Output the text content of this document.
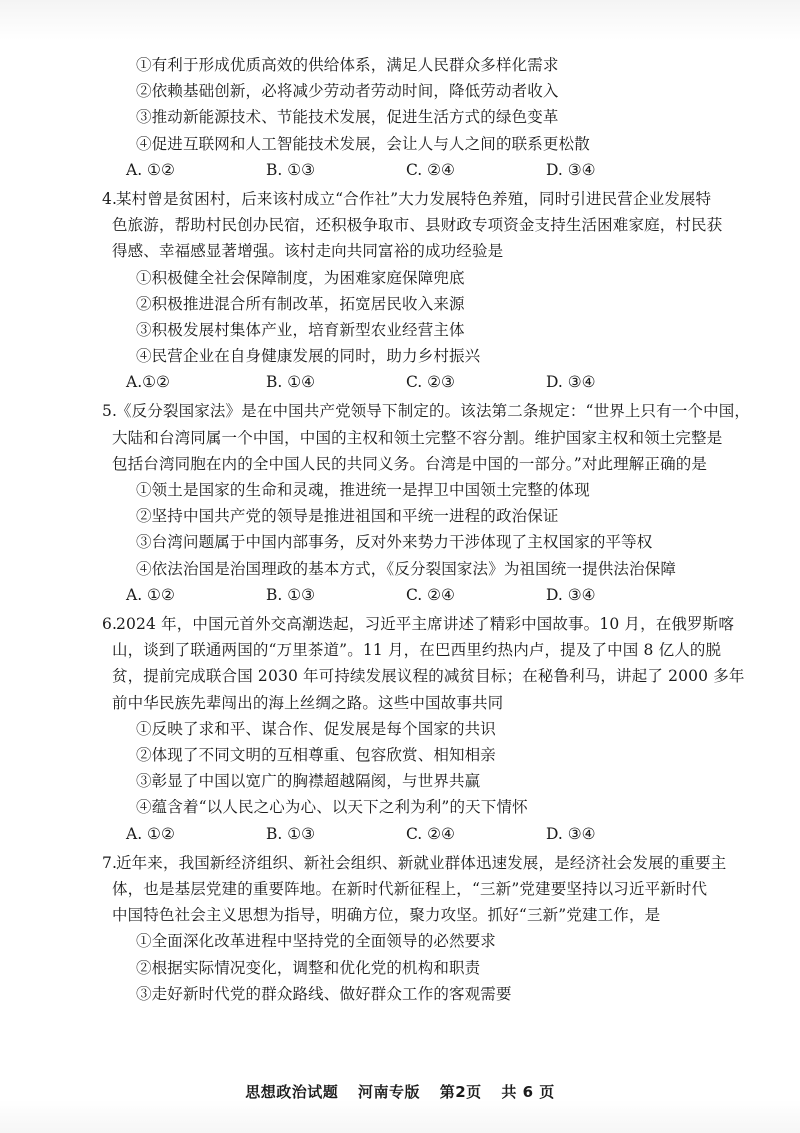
①有利于形成优质高效的供给体系，满足人民群众多样化需求
②依赖基础创新，必将减少劳动者劳动时间，降低劳动者收入
③推动新能源技术、节能技术发展，促进生活方式的绿色变革
④促进互联网和人工智能技术发展，会让人与人之间的联系更松散
A. ①②	B. ①③	C. ②④	D. ③④
4.
某村曾是贫困村，后来该村成立“合作社”大力发展特色养殖，同时引进民营企业发展特
色旅游，帮助村民创办民宿，还积极争取市、县财政专项资金支持生活困难家庭，村民获
得感、幸福感显著增强。该村走向共同富裕的成功经验是
①积极健全社会保障制度，为困难家庭保障兜底
②积极推进混合所有制改革，拓宽居民收入来源
③积极发展村集体产业，培育新型农业经营主体
④民营企业在自身健康发展的同时，助力乡村振兴
A.①②	B. ①④	C. ②③	D. ③④
5.
《反分裂国家法》是在中国共产党领导下制定的。该法第二条规定：“世界上只有一个中国，
大陆和台湾同属一个中国，中国的主权和领土完整不容分割。维护国家主权和领土完整是
包括台湾同胞在内的全中国人民的共同义务。台湾是中国的一部分。”对此理解正确的是
①领土是国家的生命和灵魂，推进统一是捍卫中国领土完整的体现
②坚持中国共产党的领导是推进祖国和平统一进程的政治保证
③台湾问题属于中国内部事务，反对外来势力干涉体现了主权国家的平等权
④依法治国是治国理政的基本方式，《反分裂国家法》为祖国统一提供法治保障
A. ①②	B. ①③	C. ②④	D. ③④
6.
2024 年，中国元首外交高潮迭起，习近平主席讲述了精彩中国故事。10 月，在俄罗斯喀
山，谈到了联通两国的“万里茶道”。11 月，在巴西里约热内卢，提及了中国 8 亿人的脱
贫，提前完成联合国 2030 年可持续发展议程的减贫目标；在秘鲁利马，讲起了 2000 多年
前中华民族先辈闯出的海上丝绸之路。这些中国故事共同
①反映了求和平、谋合作、促发展是每个国家的共识
②体现了不同文明的互相尊重、包容欣赏、相知相亲
③彰显了中国以宽广的胸襟超越隔阂，与世界共赢
④蕴含着“以人民之心为心、以天下之利为利”的天下情怀
A. ①②	B. ①③	C. ②④	D. ③④
7.
近年来，我国新经济组织、新社会组织、新就业群体迅速发展，是经济社会发展的重要主
体，也是基层党建的重要阵地。在新时代新征程上，“三新”党建要坚持以习近平新时代
中国特色社会主义思想为指导，明确方位，聚力攻坚。抓好“三新”党建工作，是
①全面深化改革进程中坚持党的全面领导的必然要求
②根据实际情况变化，调整和优化党的机构和职责
③走好新时代党的群众路线、做好群众工作的客观需要
思想政治试题 河南专版 第2页 共 6 页
